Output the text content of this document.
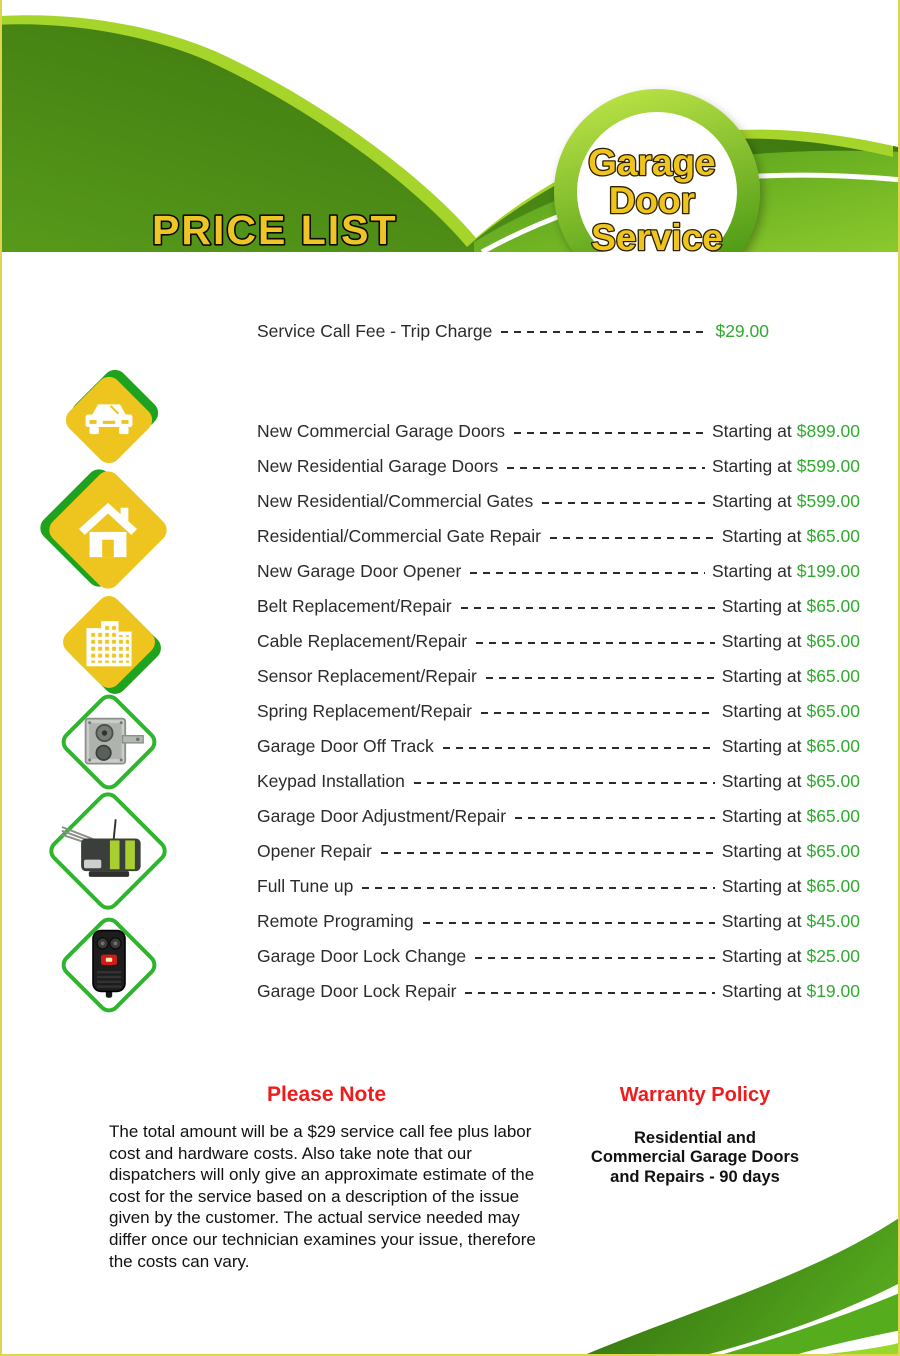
PRICE LIST
Garage Door Service
Service Call Fee - Trip Charge	$29.00
New Commercial Garage Doors	Starting at $899.00
New Residential Garage Doors	Starting at $599.00
New Residential/Commercial Gates	Starting at $599.00
Residential/Commercial Gate Repair	Starting at $65.00
New Garage Door Opener	Starting at $199.00
Belt Replacement/Repair	Starting at $65.00
Cable Replacement/Repair	Starting at $65.00
Sensor Replacement/Repair	Starting at $65.00
Spring Replacement/Repair	Starting at $65.00
Garage Door Off Track	Starting at $65.00
Keypad Installation	Starting at $65.00
Garage Door Adjustment/Repair	Starting at $65.00
Opener Repair	Starting at $65.00
Full Tune up	Starting at $65.00
Remote Programing	Starting at $45.00
Garage Door Lock Change	Starting at $25.00
Garage Door Lock Repair	Starting at $19.00
Please Note
The total amount will be a $29 service call fee plus labor cost and hardware costs. Also take note that our dispatchers will only give an approximate estimate of the cost for the service based on a description of the issue given by the customer. The actual service needed may differ once our technician examines your issue, therefore the costs can vary.
Warranty Policy
Residential and
Commercial Garage Doors
and Repairs - 90 days
